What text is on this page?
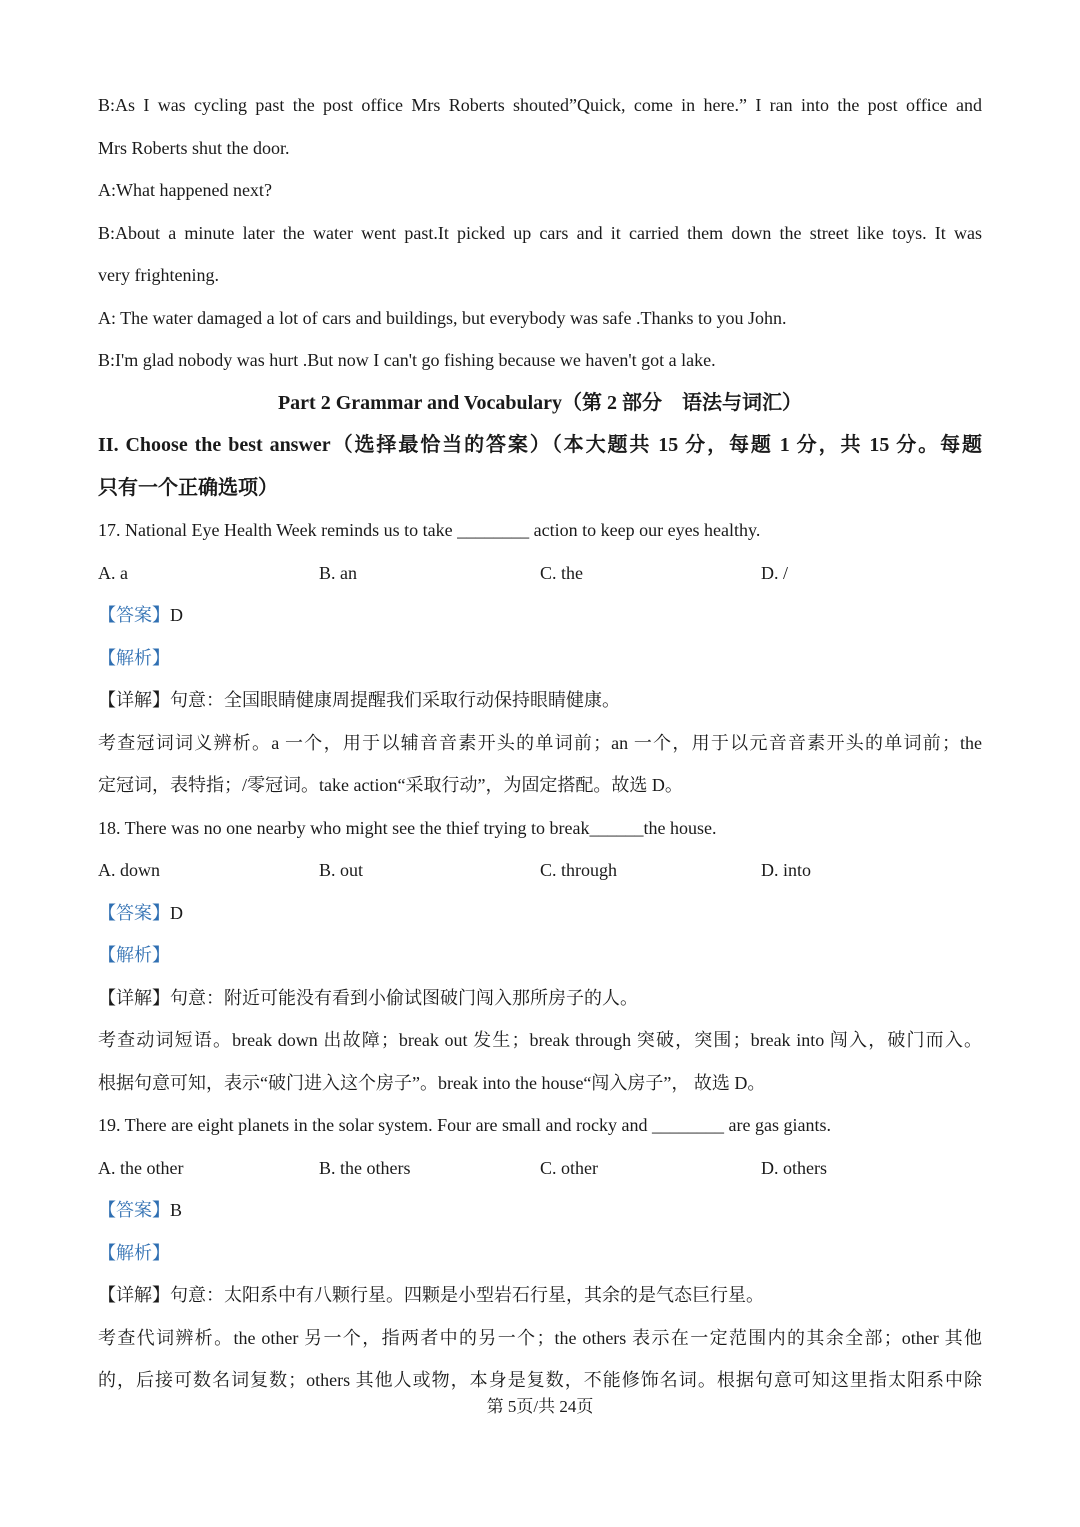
B:As I was cycling past the post office Mrs Roberts shouted”Quick, come in here.” I ran into the post office and
Mrs Roberts shut the door.
A:What happened next?
B:About a minute later the water went past.It picked up cars and it carried them down the street like toys. It was
very frightening.
A: The water damaged a lot of cars and buildings, but everybody was safe .Thanks to you John.
B:I'm glad nobody was hurt .But now I can't go fishing because we haven't got a lake.
Part 2 Grammar and Vocabulary（第 2 部分　语法与词汇）
II. Choose the best answer（选择最恰当的答案）（本大题共 15 分，每题 1 分，共 15 分。每题
只有一个正确选项）
17. National Eye Health Week reminds us to take ________ action to keep our eyes healthy.
A. a	B. an	C. the	D. /
【答案】D
【解析】
【详解】句意：全国眼睛健康周提醒我们采取行动保持眼睛健康。
考查冠词词义辨析。a 一个，用于以辅音音素开头的单词前；an 一个，用于以元音音素开头的单词前；the
定冠词，表特指；/零冠词。take action“采取行动”，为固定搭配。故选 D。
18. There was no one nearby who might see the thief trying to break______the house.
A. down	B. out	C. through	D. into
【答案】D
【解析】
【详解】句意：附近可能没有看到小偷试图破门闯入那所房子的人。
考查动词短语。break down 出故障；break out 发生；break through 突破，突围；break into 闯入，破门而入。
根据句意可知，表示“破门进入这个房子”。break into the house“闯入房子”， 故选 D。
19. There are eight planets in the solar system. Four are small and rocky and ________ are gas giants.
A. the other	B. the others	C. other	D. others
【答案】B
【解析】
【详解】句意：太阳系中有八颗行星。四颗是小型岩石行星，其余的是气态巨行星。
考查代词辨析。the other 另一个，指两者中的另一个；the others 表示在一定范围内的其余全部；other 其他
的，后接可数名词复数；others 其他人或物，本身是复数，不能修饰名词。根据句意可知这里指太阳系中除
第 5页/共 24页
